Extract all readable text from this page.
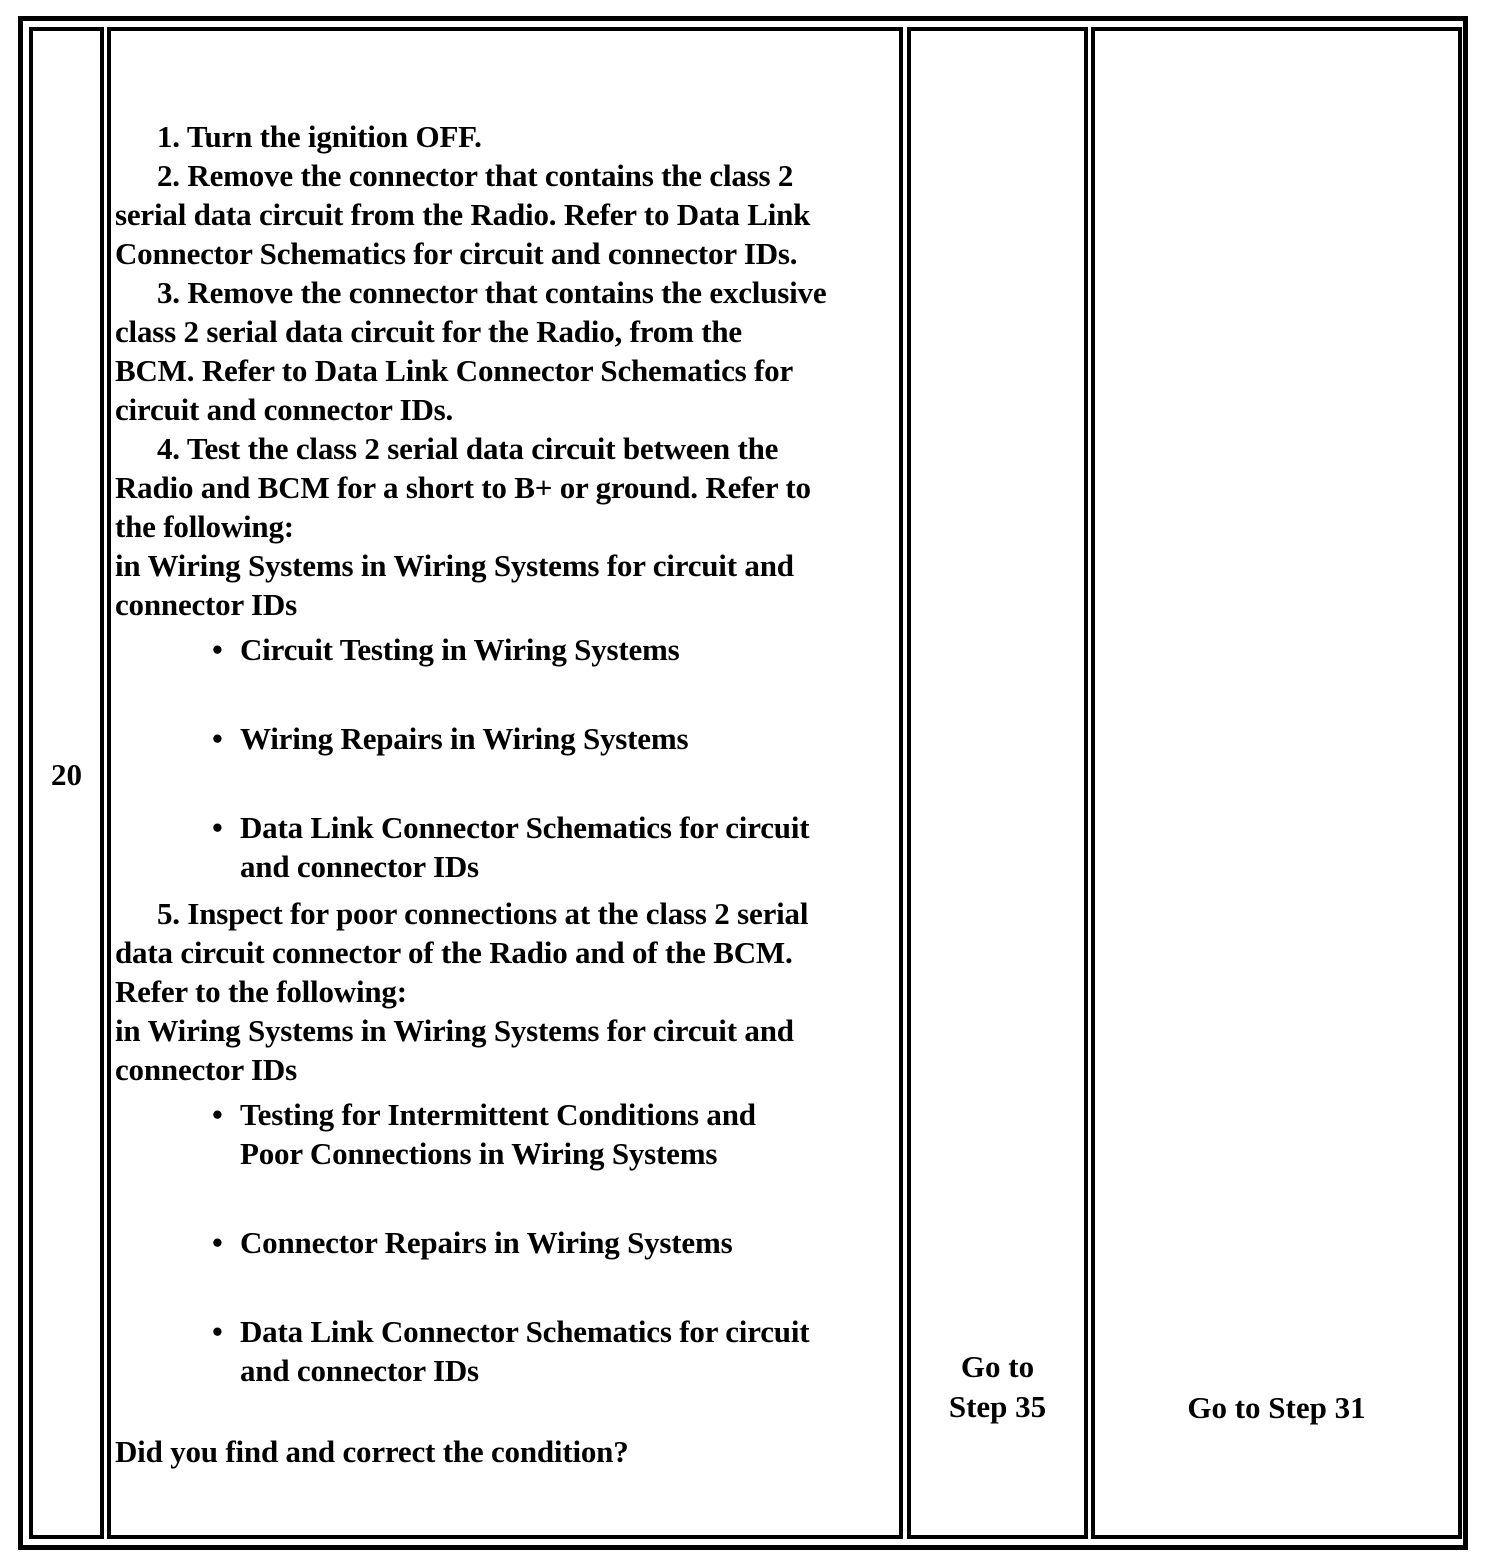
20
1. Turn the ignition OFF.
2. Remove the connector that contains the class 2
serial data circuit from the Radio. Refer to Data Link
Connector Schematics for circuit and connector IDs.
3. Remove the connector that contains the exclusive
class 2 serial data circuit for the Radio, from the
BCM. Refer to Data Link Connector Schematics for
circuit and connector IDs.
4. Test the class 2 serial data circuit between the
Radio and BCM for a short to B+ or ground. Refer to
the following:
in Wiring Systems in Wiring Systems for circuit and
connector IDs
• Circuit Testing in Wiring Systems
• Wiring Repairs in Wiring Systems
• Data Link Connector Schematics for circuit
and connector IDs
5. Inspect for poor connections at the class 2 serial
data circuit connector of the Radio and of the BCM.
Refer to the following:
in Wiring Systems in Wiring Systems for circuit and
connector IDs
• Testing for Intermittent Conditions and
Poor Connections in Wiring Systems
• Connector Repairs in Wiring Systems
• Data Link Connector Schematics for circuit
and connector IDs
Did you find and correct the condition?
Go to
Step 35	Go to Step 31
